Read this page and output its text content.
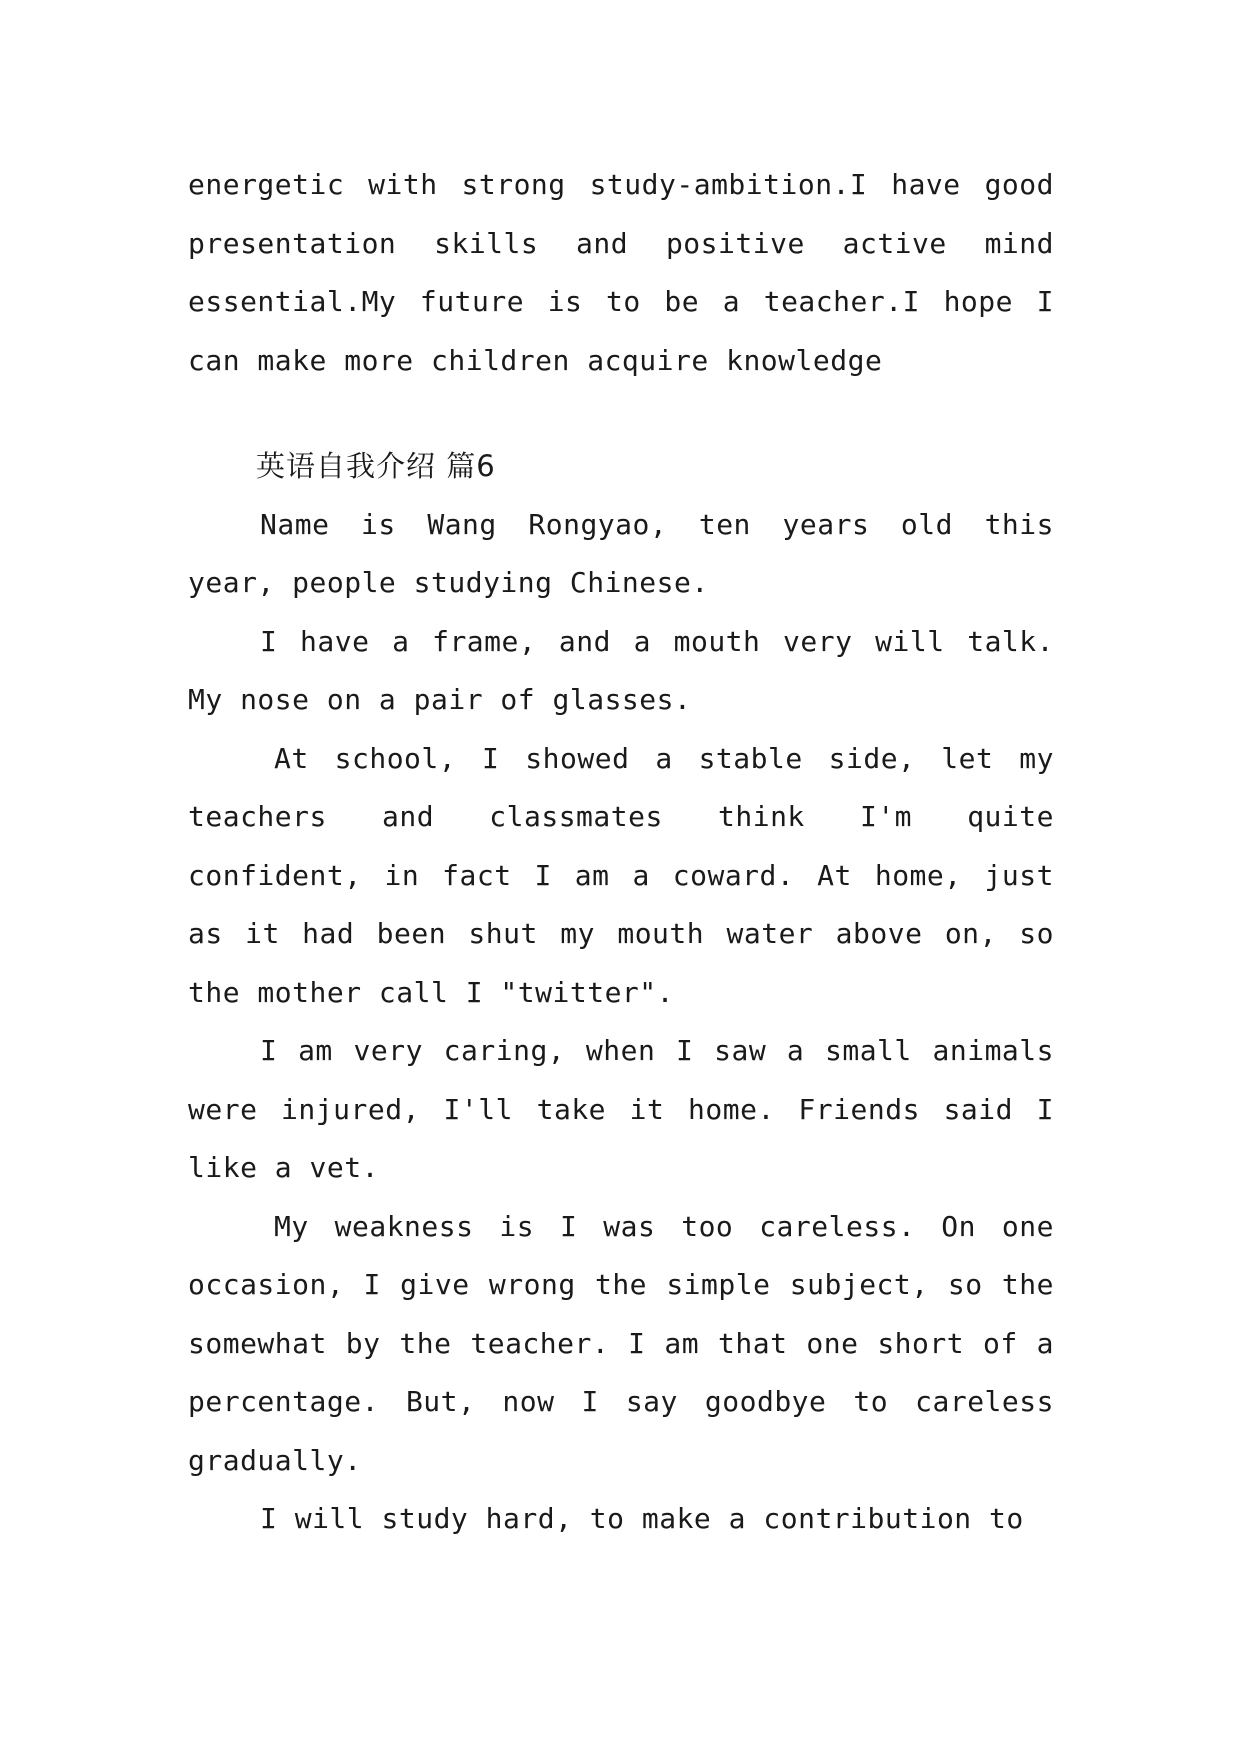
energetic with strong study-ambition.I have good presentation skills and positive active mind essential.My future is to be a teacher.I hope I can make more children acquire knowledge

英语自我介绍 篇6

Name is Wang Rongyao, ten years old this year, people studying Chinese.

I have a frame, and a mouth very will talk. My nose on a pair of glasses.

At school, I showed a stable side, let my teachers and classmates think I'm quite confident, in fact I am a coward. At home, just as it had been shut my mouth water above on, so the mother call I "twitter".

I am very caring, when I saw a small animals were injured, I'll take it home. Friends said I like a vet.

My weakness is I was too careless. On one occasion, I give wrong the simple subject, so the somewhat by the teacher. I am that one short of a percentage. But, now I say goodbye to careless gradually.

I will study hard, to make a contribution to
